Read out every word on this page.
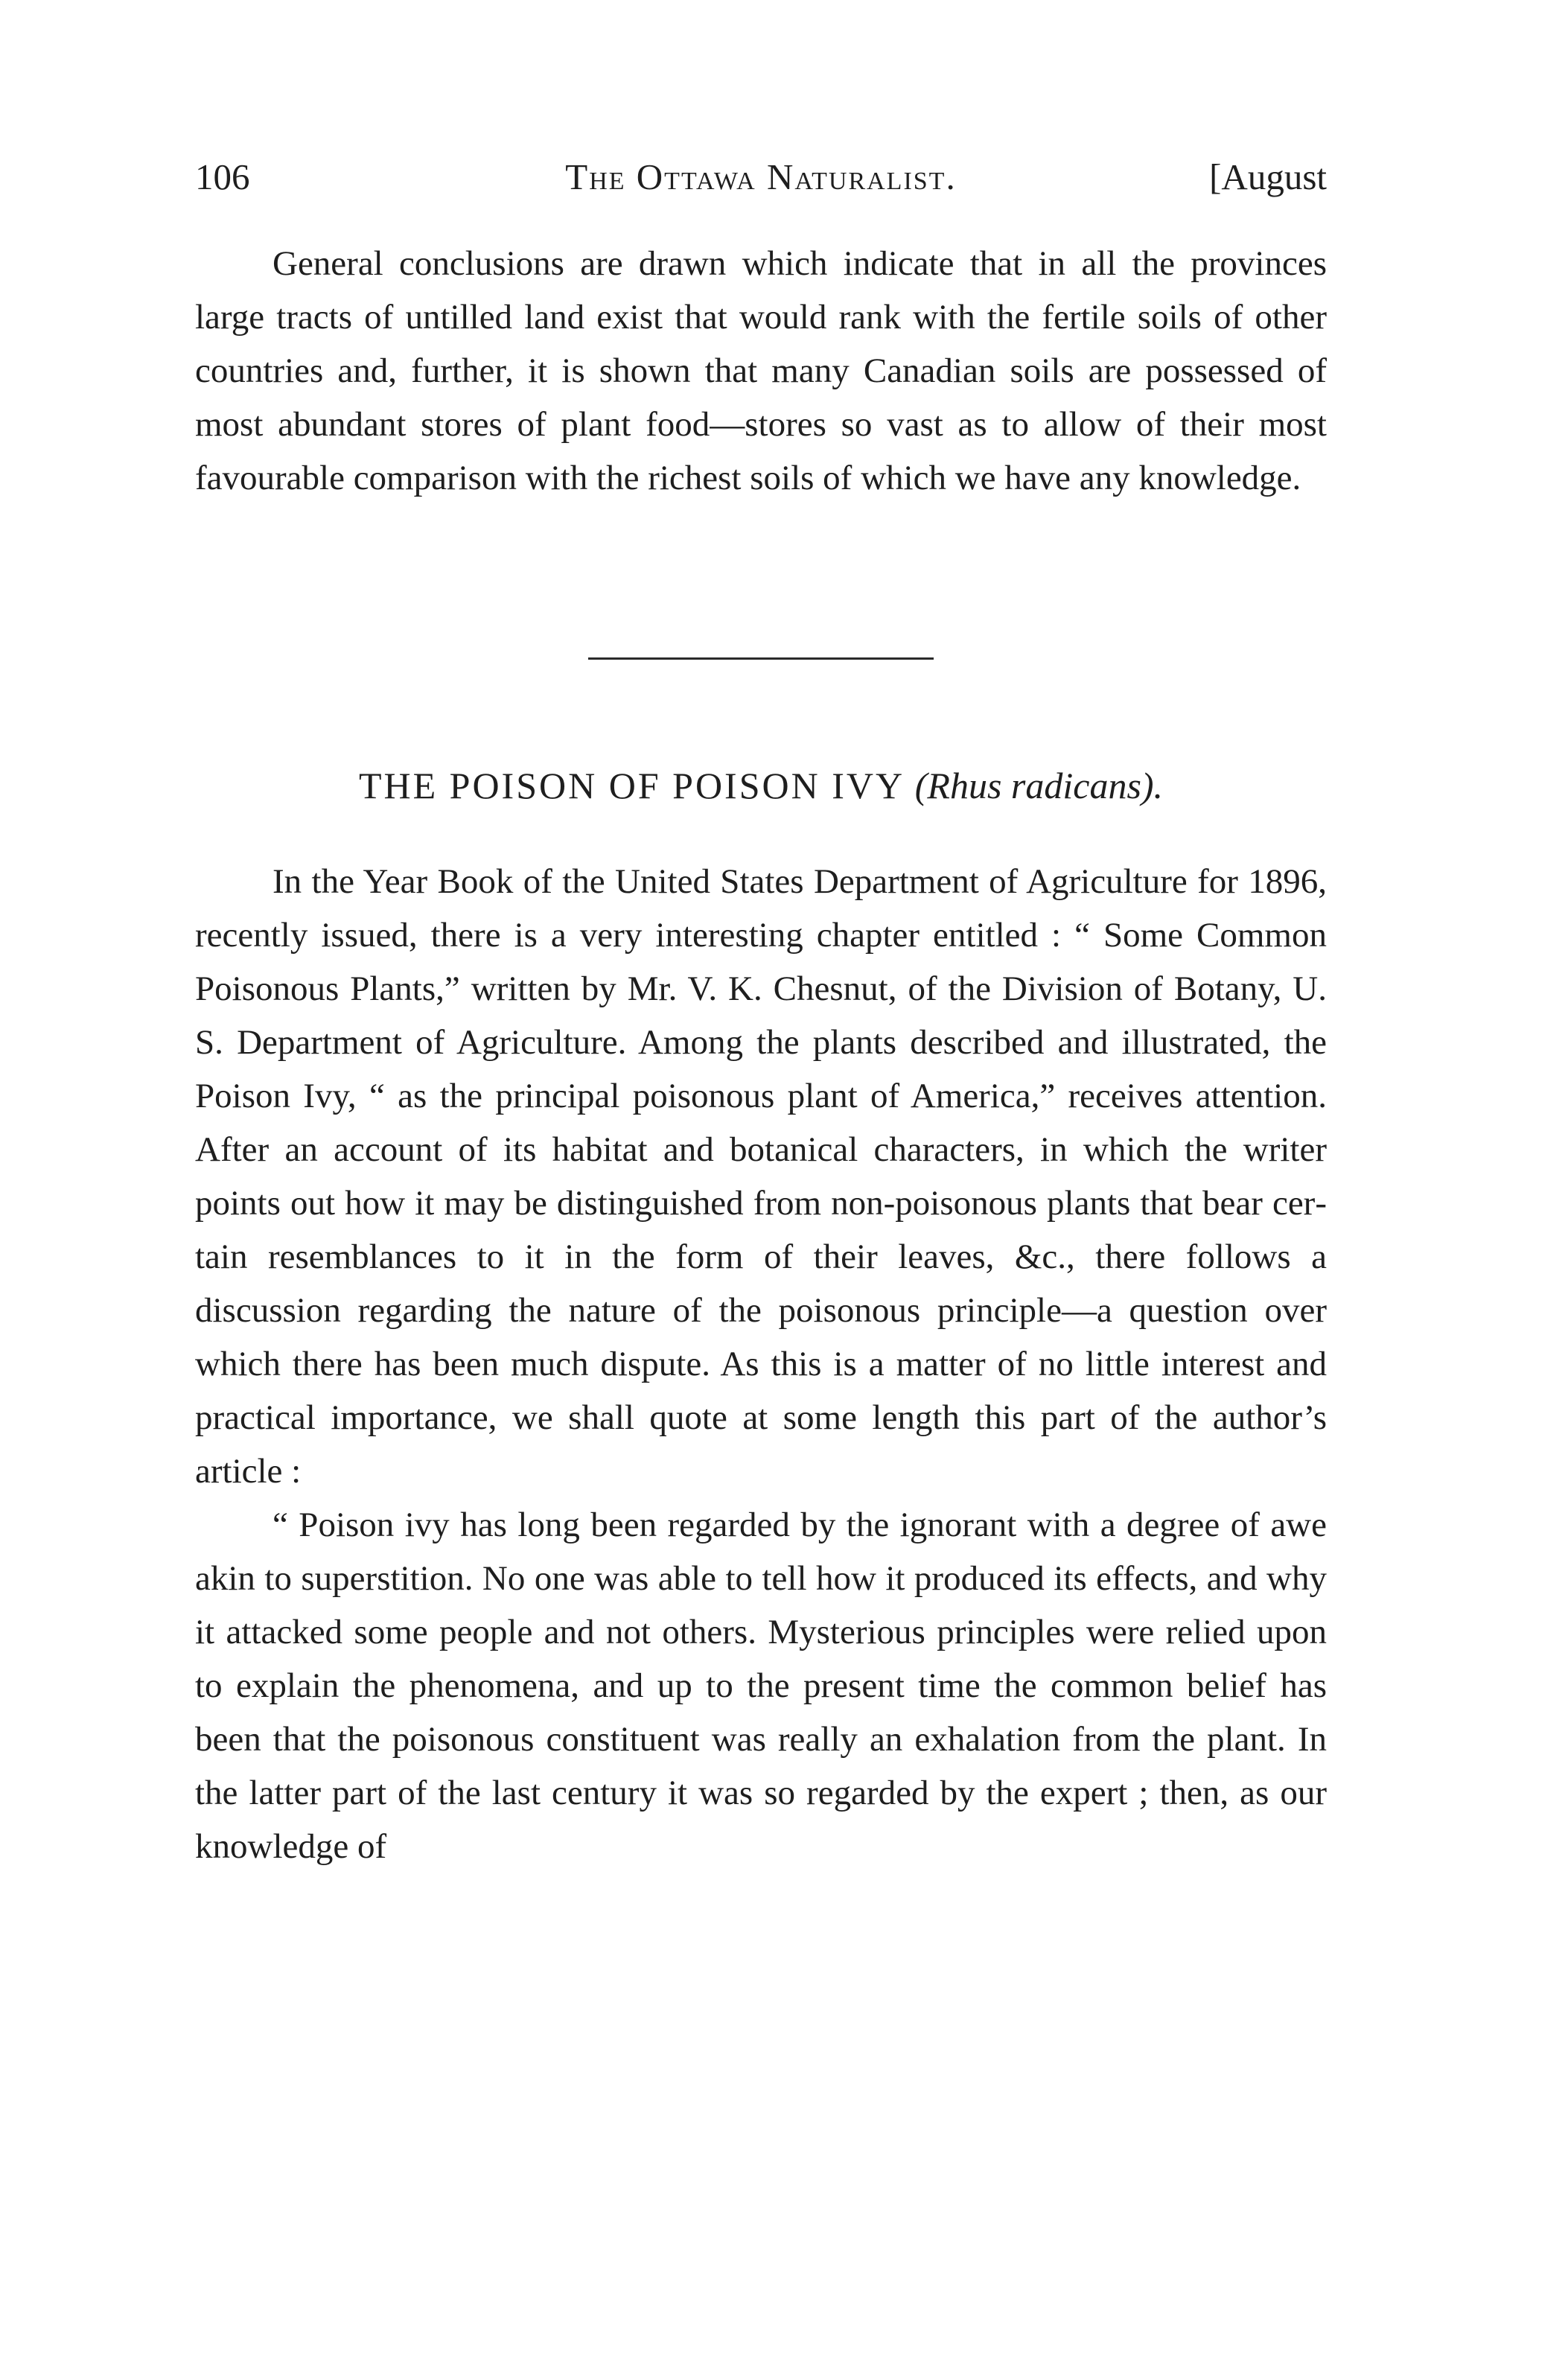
106	The Ottawa Naturalist.	[August

General conclusions are drawn which indicate that in all the provinces large tracts of untilled land exist that would rank with the fertile soils of other countries and, further, it is shown that many Canadian soils are possessed of most abundant stores of plant food—stores so vast as to allow of their most favourable comparison with the richest soils of which we have any knowledge.

THE POISON OF POISON IVY (Rhus radicans).

In the Year Book of the United States Department of Agriculture for 1896, recently issued, there is a very interesting chapter entitled : “ Some Common Poisonous Plants,” written by Mr. V. K. Chesnut, of the Division of Botany, U. S. Department of Agriculture. Among the plants described and illustrated, the Poison Ivy, “ as the principal poisonous plant of America,” receives attention. After an account of its habitat and botanical characters, in which the writer points out how it may be distinguished from non-poisonous plants that bear certain resemblances to it in the form of their leaves, &c., there follows a discussion regarding the nature of the poisonous principle—a question over which there has been much dispute. As this is a matter of no little interest and practical importance, we shall quote at some length this part of the author’s article :

“ Poison ivy has long been regarded by the ignorant with a degree of awe akin to superstition. No one was able to tell how it produced its effects, and why it attacked some people and not others. Mysterious principles were relied upon to explain the phenomena, and up to the present time the common belief has been that the poisonous constituent was really an exhalation from the plant. In the latter part of the last century it was so regarded by the expert ; then, as our knowledge of
